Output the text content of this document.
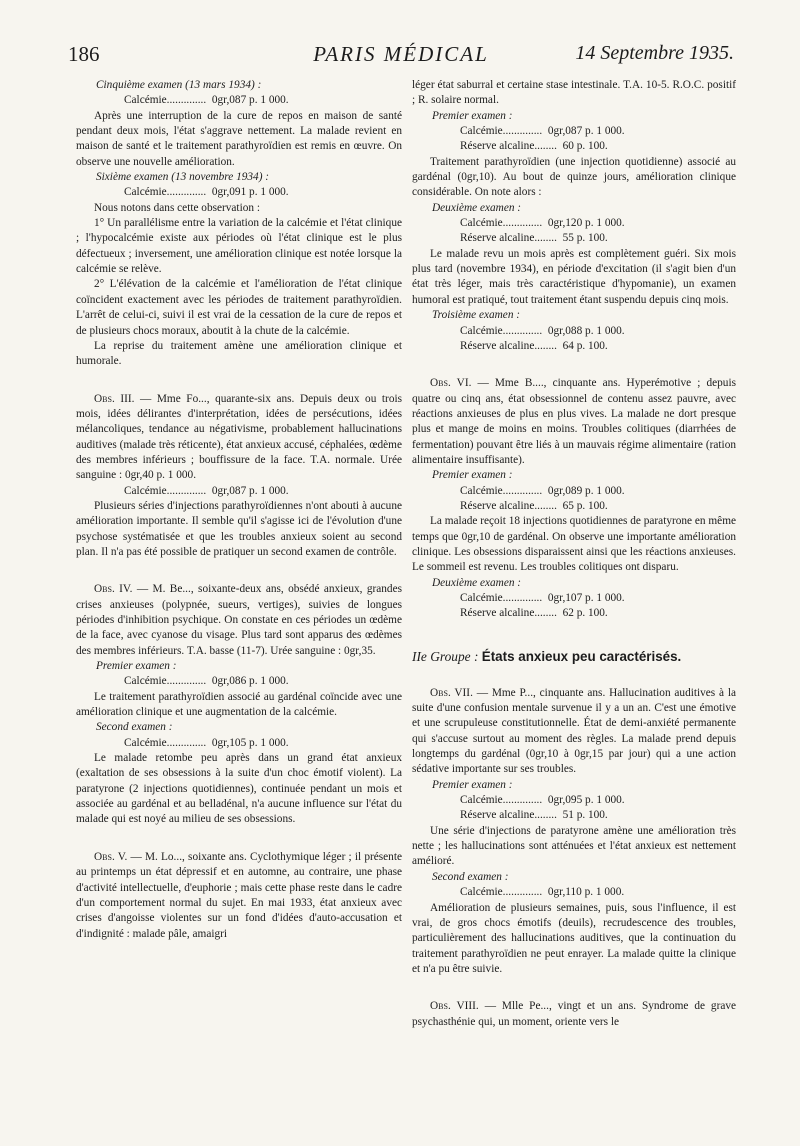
186	PARIS MÉDICAL	14 Septembre 1935.

Cinquième examen (13 mars 1934) :

Calcémie..............  0gr,087 p. 1 000.

Après une interruption de la cure de repos en maison de santé pendant deux mois, l'état s'aggrave nettement. La malade revient en maison de santé et le traitement parathyroïdien est remis en œuvre. On observe une nouvelle amélioration.

Sixième examen (13 novembre 1934) :

Calcémie..............  0gr,091 p. 1 000.

Nous notons dans cette observation :

1° Un parallélisme entre la variation de la calcémie et l'état clinique ; l'hypocalcémie existe aux périodes où l'état clinique est le plus défectueux ; inversement, une amélioration clinique est notée lorsque la calcémie se relève.

2° L'élévation de la calcémie et l'amélioration de l'état clinique coïncident exactement avec les périodes de traitement parathyroïdien. L'arrêt de celui-ci, suivi il est vrai de la cessation de la cure de repos et de plusieurs chocs moraux, aboutit à la chute de la calcémie.

La reprise du traitement amène une amélioration clinique et humorale.

Obs. III. — Mme Fo..., quarante-six ans. Depuis deux ou trois mois, idées délirantes d'interprétation, idées de persécutions, idées mélancoliques, tendance au négativisme, probablement hallucinations auditives (malade très réticente), état anxieux accusé, céphalées, œdème des membres inférieurs ; bouffissure de la face. T.A. normale. Urée sanguine : 0gr,40 p. 1 000.

Calcémie..............  0gr,087 p. 1 000.

Plusieurs séries d'injections parathyroïdiennes n'ont abouti à aucune amélioration importante. Il semble qu'il s'agisse ici de l'évolution d'une psychose systématisée et que les troubles anxieux soient au second plan. Il n'a pas été possible de pratiquer un second examen de contrôle.

Obs. IV. — M. Be..., soixante-deux ans, obsédé anxieux, grandes crises anxieuses (polypnée, sueurs, vertiges), suivies de longues périodes d'inhibition psychique. On constate en ces périodes un œdème de la face, avec cyanose du visage. Plus tard sont apparus des œdèmes des membres inférieurs. T.A. basse (11-7). Urée sanguine : 0gr,35.

Premier examen :

Calcémie..............  0gr,086 p. 1 000.

Le traitement parathyroïdien associé au gardénal coïncide avec une amélioration clinique et une augmentation de la calcémie.

Second examen :

Calcémie..............  0gr,105 p. 1 000.

Le malade retombe peu après dans un grand état anxieux (exaltation de ses obsessions à la suite d'un choc émotif violent). La paratyrone (2 injections quotidiennes), continuée pendant un mois et associée au gardénal et au belladénal, n'a aucune influence sur l'état du malade qui est noyé au milieu de ses obsessions.

Obs. V. — M. Lo..., soixante ans. Cyclothymique léger ; il présente au printemps un état dépressif et en automne, au contraire, une phase d'activité intellectuelle, d'euphorie ; mais cette phase reste dans le cadre d'un comportement normal du sujet. En mai 1933, état anxieux avec crises d'angoisse violentes sur un fond d'idées d'auto-accusation et d'indignité : malade pâle, amaigri

léger état saburral et certaine stase intestinale. T.A. 10-5. R.O.C. positif ; R. solaire normal.

Premier examen :

Calcémie..............  0gr,087 p. 1 000.

Réserve alcaline........  60 p. 100.

Traitement parathyroïdien (une injection quotidienne) associé au gardénal (0gr,10). Au bout de quinze jours, amélioration clinique considérable. On note alors :

Deuxième examen :

Calcémie..............  0gr,120 p. 1 000.

Réserve alcaline........  55 p. 100.

Le malade revu un mois après est complètement guéri. Six mois plus tard (novembre 1934), en période d'excitation (il s'agit bien d'un état très léger, mais très caractéristique d'hypomanie), un examen humoral est pratiqué, tout traitement étant suspendu depuis cinq mois.

Troisième examen :

Calcémie..............  0gr,088 p. 1 000.

Réserve alcaline........  64 p. 100.

Obs. VI. — Mme B...., cinquante ans. Hyperémotive ; depuis quatre ou cinq ans, état obsessionnel de contenu assez pauvre, avec réactions anxieuses de plus en plus vives. La malade ne dort presque plus et mange de moins en moins. Troubles colitiques (diarrhées de fermentation) pouvant être liés à un mauvais régime alimentaire (ration alimentaire insuffisante).

Premier examen :

Calcémie..............  0gr,089 p. 1 000.

Réserve alcaline........  65 p. 100.

La malade reçoit 18 injections quotidiennes de paratyrone en même temps que 0gr,10 de gardénal. On observe une importante amélioration clinique. Les obsessions disparaissent ainsi que les réactions anxieuses. Le sommeil est revenu. Les troubles colitiques ont disparu.

Deuxième examen :

Calcémie..............  0gr,107 p. 1 000.

Réserve alcaline........  62 p. 100.

IIe Groupe : États anxieux peu caractérisés.

Obs. VII. — Mme P..., cinquante ans. Hallucination auditives à la suite d'une confusion mentale survenue il y a un an. C'est une émotive et une scrupuleuse constitutionnelle. État de demi-anxiété permanente qui s'accuse surtout au moment des règles. La malade prend depuis longtemps du gardénal (0gr,10 à 0gr,15 par jour) qui a une action sédative importante sur ses troubles.

Premier examen :

Calcémie..............  0gr,095 p. 1 000.

Réserve alcaline........  51 p. 100.

Une série d'injections de paratyrone amène une amélioration très nette ; les hallucinations sont atténuées et l'état anxieux est nettement amélioré.

Second examen :

Calcémie..............  0gr,110 p. 1 000.

Amélioration de plusieurs semaines, puis, sous l'influence, il est vrai, de gros chocs émotifs (deuils), recrudescence des troubles, particulièrement des hallucinations auditives, que la continuation du traitement parathyroïdien ne peut enrayer. La malade quitte la clinique et n'a pu être suivie.

Obs. VIII. — Mlle Pe..., vingt et un ans. Syndrome de grave psychasthénie qui, un moment, oriente vers le
